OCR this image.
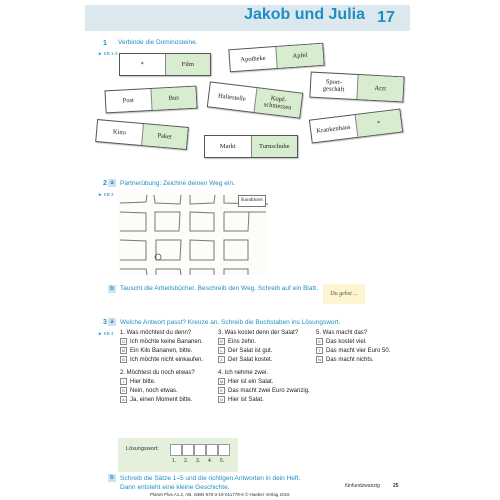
Jakob und Julia 17
1
► KB 1-3
Verbinde die Dominosteine.
*	Film
Apotheke	Apfel
Sport-
geschäft	Arzt
Post	Bus	Haltestelle	Kopf-
schmerzen
Kino	Paket
Markt	Turnschuhe
Krankenhaus	*
2 a
► KB 3
Partnerübung: Zeichne deinen Weg ein.
Konditorei
b Tauscht die Arbeitsbücher. Beschreib den Weg. Schreib auf ein Blatt.
Du gehst ...
3 a
► KB 4
Welche Antwort passt? Kreuze an. Schreib die Buchstaben ins Lösungswort.
1. Was möchtest du denn?
Ü Ich möchte keine Bananen.
M Ein Kilo Bananen, bitte.
B Ich möchte nicht einkaufen.
3. Was kostet denn der Salat?
R Eins zehn.
L Der Salat ist gut.
Z Der Salat kostet.
5. Was macht das?
E Das kostet viel.
T Das macht vier Euro 50.
N Das macht nichts.
2. Möchtest du noch etwas?
I Hier bitte.
O Nein, noch etwas.
A Ja, einen Moment bitte.
4. Ich nehme zwei.
M Hier ist ein Salat.
K Das macht zwei Euro zwanzig.
N Hier ist Salat.
Lösungswort:
1. 2. 3. 4. 5.
b Schreib die Sätze 1–5 und die richtigen Antworten in dein Heft.
Dann entsteht eine kleine Geschichte.	fünfundzwanzig	25
Planet Plus A1.2, AB, ISBN 978-3-19-011779-6 © Hueber Verlag 2016
